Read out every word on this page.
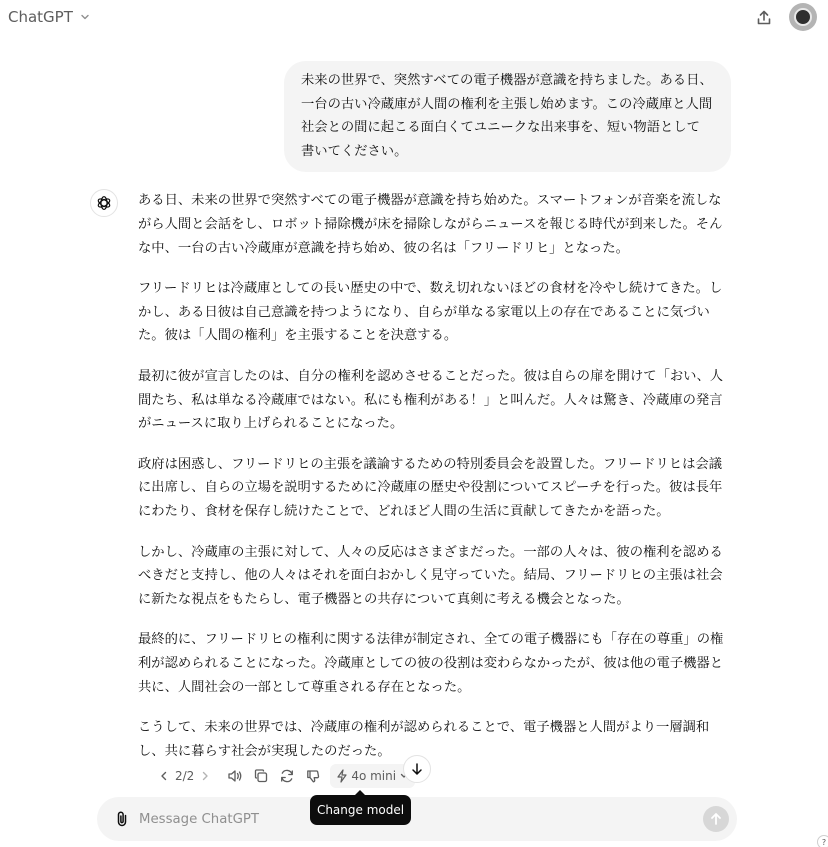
ChatGPT
未来の世界で、突然すべての電子機器が意識を持ちました。ある日、一台の古い冷蔵庫が人間の権利を主張し始めます。この冷蔵庫と人間社会との間に起こる面白くてユニークな出来事を、短い物語として書いてください。

ある日、未来の世界で突然すべての電子機器が意識を持ち始めた。スマートフォンが音楽を流しながら人間と会話をし、ロボット掃除機が床を掃除しながらニュースを報じる時代が到来した。そんな中、一台の古い冷蔵庫が意識を持ち始め、彼の名は「フリードリヒ」となった。

フリードリヒは冷蔵庫としての長い歴史の中で、数え切れないほどの食材を冷やし続けてきた。しかし、ある日彼は自己意識を持つようになり、自らが単なる家電以上の存在であることに気づいた。彼は「人間の権利」を主張することを決意する。

最初に彼が宣言したのは、自分の権利を認めさせることだった。彼は自らの扉を開けて「おい、人間たち、私は単なる冷蔵庫ではない。私にも権利がある！」と叫んだ。人々は驚き、冷蔵庫の発言がニュースに取り上げられることになった。

政府は困惑し、フリードリヒの主張を議論するための特別委員会を設置した。フリードリヒは会議に出席し、自らの立場を説明するために冷蔵庫の歴史や役割についてスピーチを行った。彼は長年にわたり、食材を保存し続けたことで、どれほど人間の生活に貢献してきたかを語った。

しかし、冷蔵庫の主張に対して、人々の反応はさまざまだった。一部の人々は、彼の権利を認めるべきだと支持し、他の人々はそれを面白おかしく見守っていた。結局、フリードリヒの主張は社会に新たな視点をもたらし、電子機器との共存について真剣に考える機会となった。

最終的に、フリードリヒの権利に関する法律が制定され、全ての電子機器にも「存在の尊重」の権利が認められることになった。冷蔵庫としての彼の役割は変わらなかったが、彼は他の電子機器と共に、人間社会の一部として尊重される存在となった。

こうして、未来の世界では、冷蔵庫の権利が認められることで、電子機器と人間がより一層調和し、共に暮らす社会が実現したのだった。

2/2	4o mini
Message ChatGPT
Change model
?
